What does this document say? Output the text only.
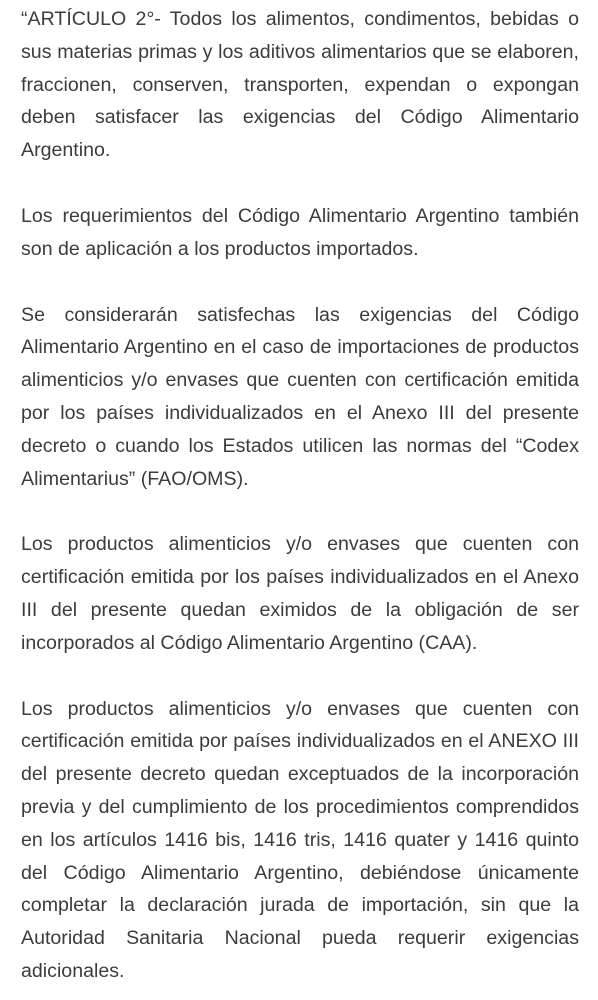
“ARTÍCULO 2°- Todos los alimentos, condimentos, bebidas o sus materias primas y los aditivos alimentarios que se elaboren, fraccionen, conserven, transporten, expendan o expongan deben satisfacer las exigencias del Código Alimentario Argentino.

Los requerimientos del Código Alimentario Argentino también son de aplicación a los productos importados.

Se considerarán satisfechas las exigencias del Código Alimentario Argentino en el caso de importaciones de productos alimenticios y/o envases que cuenten con certificación emitida por los países individualizados en el Anexo III del presente decreto o cuando los Estados utilicen las normas del “Codex Alimentarius” (FAO/OMS).

Los productos alimenticios y/o envases que cuenten con certificación emitida por los países individualizados en el Anexo III del presente quedan eximidos de la obligación de ser incorporados al Código Alimentario Argentino (CAA).

Los productos alimenticios y/o envases que cuenten con certificación emitida por países individualizados en el ANEXO III del presente decreto quedan exceptuados de la incorporación previa y del cumplimiento de los procedimientos comprendidos en los artículos 1416 bis, 1416 tris, 1416 quater y 1416 quinto del Código Alimentario Argentino, debiéndose únicamente completar la declaración jurada de importación, sin que la Autoridad Sanitaria Nacional pueda requerir exigencias adicionales.
